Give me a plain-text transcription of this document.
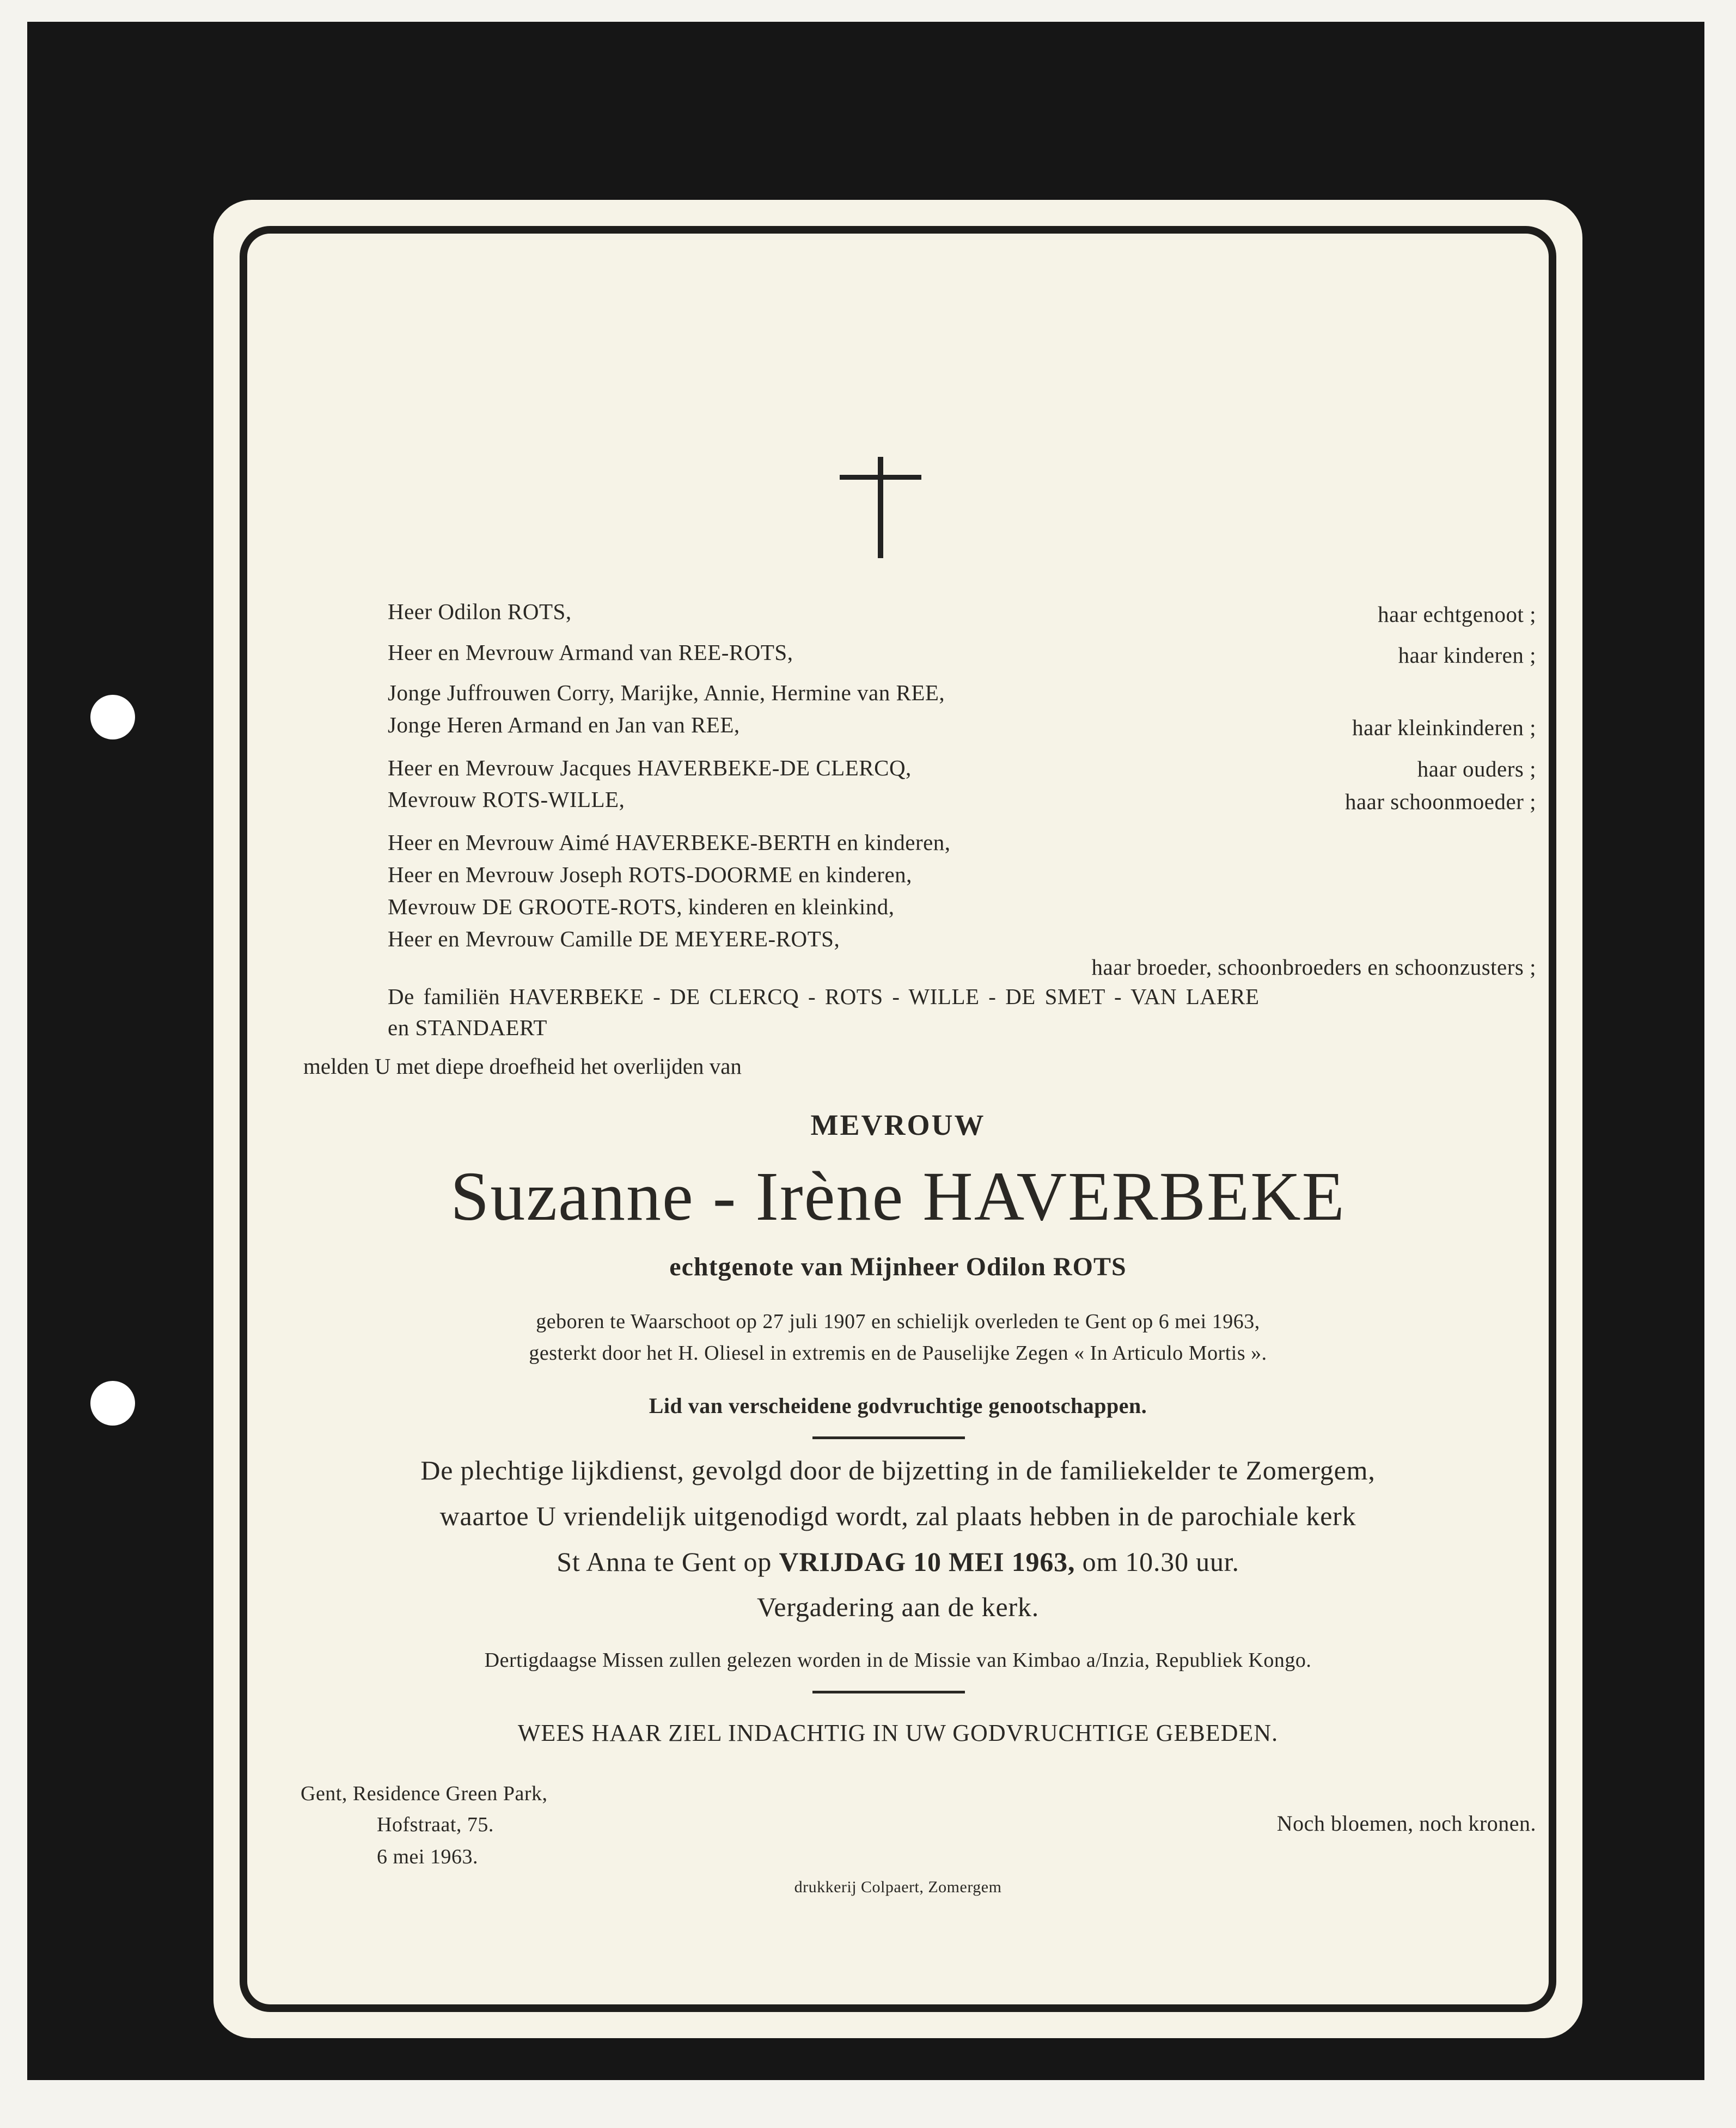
Heer Odilon ROTS,	haar echtgenoot ;
Heer en Mevrouw Armand van REE-ROTS,	haar kinderen ;
Jonge Juffrouwen Corry, Marijke, Annie, Hermine van REE,
Jonge Heren Armand en Jan van REE,	haar kleinkinderen ;
Heer en Mevrouw Jacques HAVERBEKE-DE CLERCQ,	haar ouders ;
Mevrouw ROTS-WILLE,	haar schoonmoeder ;
Heer en Mevrouw Aimé HAVERBEKE-BERTH en kinderen,
Heer en Mevrouw Joseph ROTS-DOORME en kinderen,
Mevrouw DE GROOTE-ROTS, kinderen en kleinkind,
Heer en Mevrouw Camille DE MEYERE-ROTS,
haar broeder, schoonbroeders en schoonzusters ;
De familiën HAVERBEKE - DE CLERCQ - ROTS - WILLE - DE SMET - VAN LAERE
en STANDAERT
melden U met diepe droefheid het overlijden van
MEVROUW
Suzanne - Irène HAVERBEKE
echtgenote van Mijnheer Odilon ROTS
geboren te Waarschoot op 27 juli 1907 en schielijk overleden te Gent op 6 mei 1963,
gesterkt door het H. Oliesel in extremis en de Pauselijke Zegen « In Articulo Mortis ».
Lid van verscheidene godvruchtige genootschappen.
De plechtige lijkdienst, gevolgd door de bijzetting in de familiekelder te Zomergem,
waartoe U vriendelijk uitgenodigd wordt, zal plaats hebben in de parochiale kerk
St Anna te Gent op VRIJDAG 10 MEI 1963, om 10.30 uur.
Vergadering aan de kerk.
Dertigdaagse Missen zullen gelezen worden in de Missie van Kimbao a/Inzia, Republiek Kongo.
WEES HAAR ZIEL INDACHTIG IN UW GODVRUCHTIGE GEBEDEN.
Gent, Residence Green Park,
Hofstraat, 75.
6 mei 1963.
Noch bloemen, noch kronen.
drukkerij Colpaert, Zomergem
